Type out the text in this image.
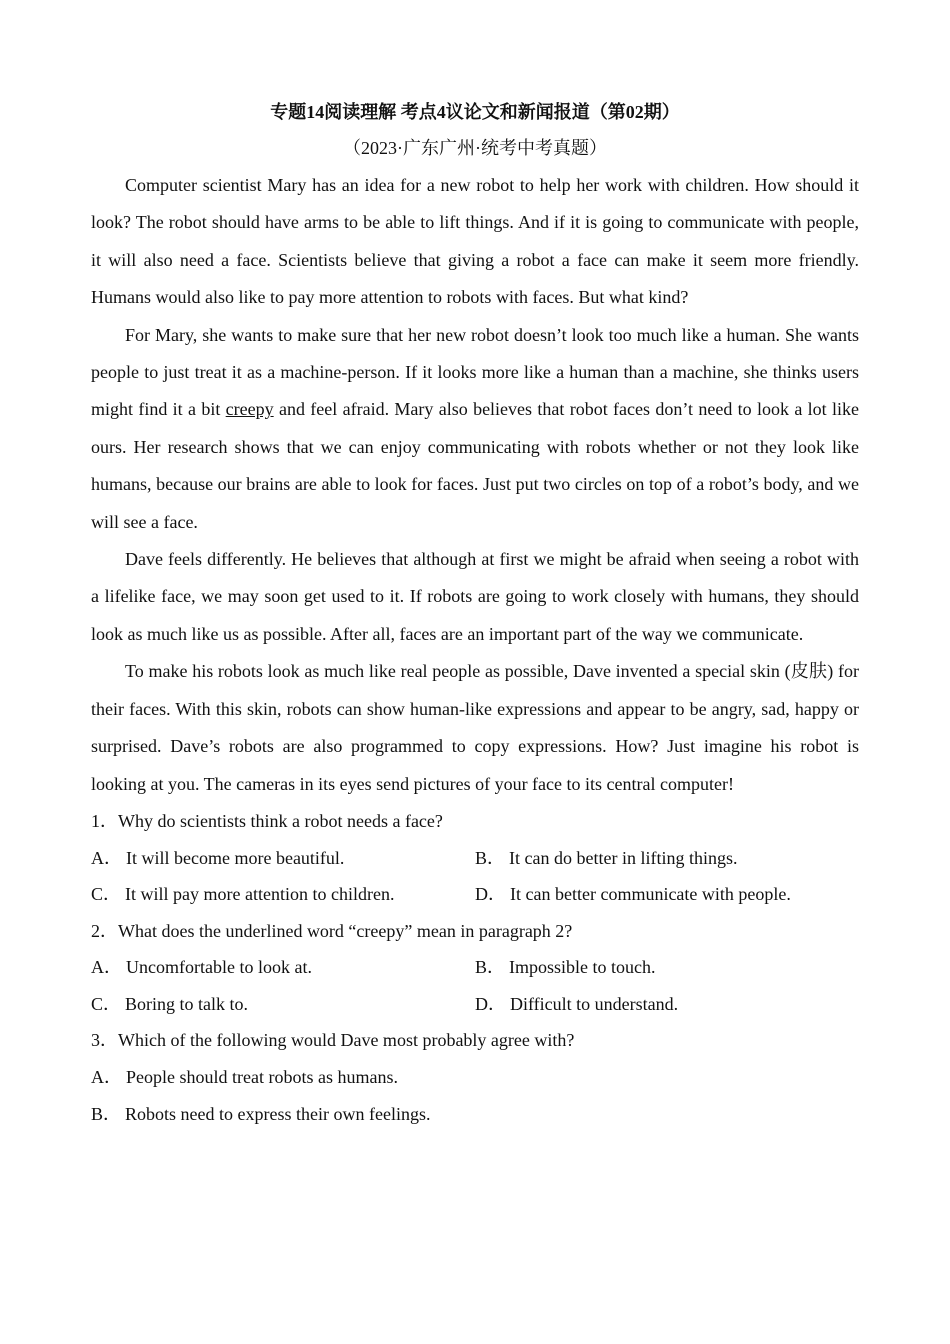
专题14阅读理解 考点4议论文和新闻报道（第02期）

（2023·广东广州·统考中考真题）

Computer scientist Mary has an idea for a new robot to help her work with children. How should it look? The robot should have arms to be able to lift things. And if it is going to communicate with people, it will also need a face. Scientists believe that giving a robot a face can make it seem more friendly. Humans would also like to pay more attention to robots with faces. But what kind?

For Mary, she wants to make sure that her new robot doesn’t look too much like a human. She wants people to just treat it as a machine-person. If it looks more like a human than a machine, she thinks users might find it a bit creepy and feel afraid. Mary also believes that robot faces don’t need to look a lot like ours. Her research shows that we can enjoy communicating with robots whether or not they look like humans, because our brains are able to look for faces. Just put two circles on top of a robot’s body, and we will see a face.

Dave feels differently. He believes that although at first we might be afraid when seeing a robot with a lifelike face, we may soon get used to it. If robots are going to work closely with humans, they should look as much like us as possible. After all, faces are an important part of the way we communicate.

To make his robots look as much like real people as possible, Dave invented a special skin (皮肤) for their faces. With this skin, robots can show human-like expressions and appear to be angry, sad, happy or surprised. Dave’s robots are also programmed to copy expressions. How? Just imagine his robot is looking at you. The cameras in its eyes send pictures of your face to its central computer!

1．Why do scientists think a robot needs a face?

A． It will become more beautiful.	B． It can do better in lifting things.
C． It will pay more attention to children.	D． It can better communicate with people.

2．What does the underlined word “creepy” mean in paragraph 2?

A． Uncomfortable to look at.	B． Impossible to touch.
C． Boring to talk to.	D． Difficult to understand.

3．Which of the following would Dave most probably agree with?

A． People should treat robots as humans.
B． Robots need to express their own feelings.
